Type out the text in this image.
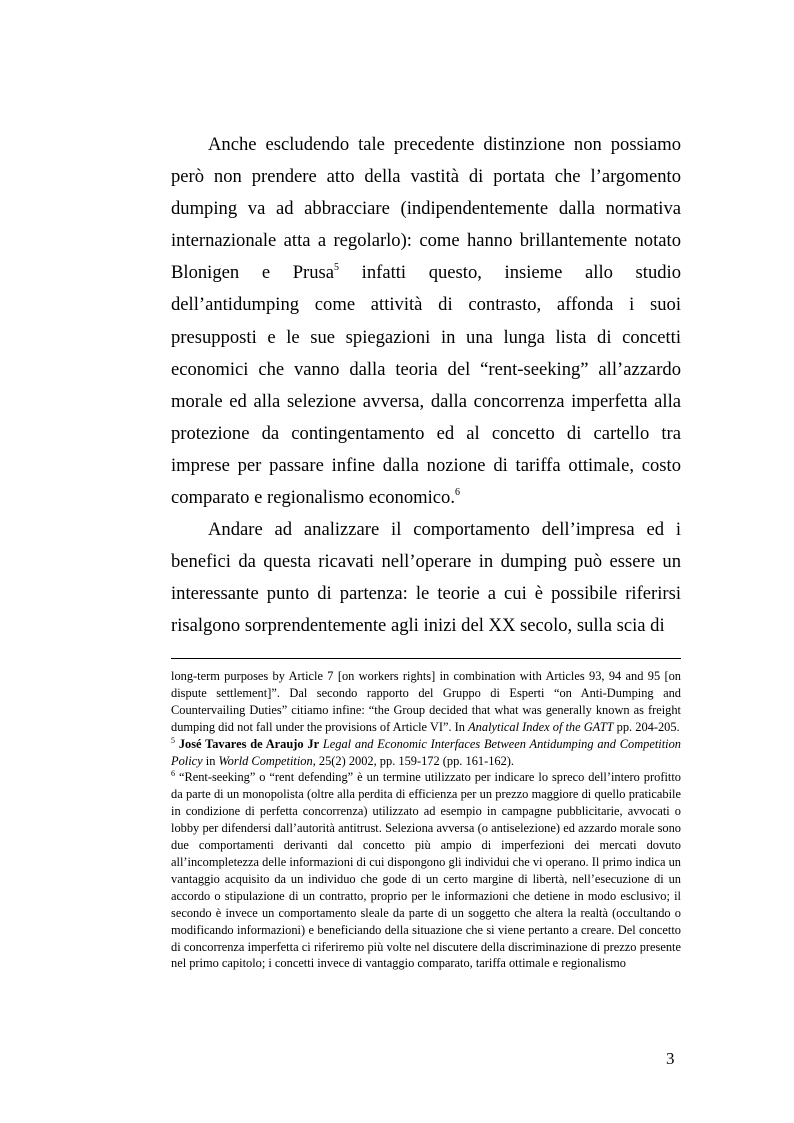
Anche escludendo tale precedente distinzione non possiamo però non prendere atto della vastità di portata che l’argomento dumping va ad abbracciare (indipendentemente dalla normativa internazionale atta a regolarlo): come hanno brillantemente notato Blonigen e Prusa$^5$ infatti questo, insieme allo studio dell’antidumping come attività di contrasto, affonda i suoi presupposti e le sue spiegazioni in una lunga lista di concetti economici che vanno dalla teoria del “rent-seeking” all’azzardo morale ed alla selezione avversa, dalla concorrenza imperfetta alla protezione da contingentamento ed al concetto di cartello tra imprese per passare infine dalla nozione di tariffa ottimale, costo comparato e regionalismo economico.$^6$

Andare ad analizzare il comportamento dell’impresa ed i benefici da questa ricavati nell’operare in dumping può essere un interessante punto di partenza: le teorie a cui è possibile riferirsi risalgono sorprendentemente agli inizi del XX secolo, sulla scia di

long-term purposes by Article 7 [on workers rights] in combination with Articles 93, 94 and 95 [on dispute settlement]”. Dal secondo rapporto del Gruppo di Esperti “on Anti-Dumping and Countervailing Duties” citiamo infine: “the Group decided that what was generally known as freight dumping did not fall under the provisions of Article VI”. In Analytical Index of the GATT pp. 204-205.

$^5$ José Tavares de Araujo Jr Legal and Economic Interfaces Between Antidumping and Competition Policy in World Competition, 25(2) 2002, pp. 159-172 (pp. 161-162).

$^6$ “Rent-seeking” o “rent defending” è un termine utilizzato per indicare lo spreco dell’intero profitto da parte di un monopolista (oltre alla perdita di efficienza per un prezzo maggiore di quello praticabile in condizione di perfetta concorrenza) utilizzato ad esempio in campagne pubblicitarie, avvocati o lobby per difendersi dall’autorità antitrust. Seleziona avversa (o antiselezione) ed azzardo morale sono due comportamenti derivanti dal concetto più ampio di imperfezioni dei mercati dovuto all’incompletezza delle informazioni di cui dispongono gli individui che vi operano. Il primo indica un vantaggio acquisito da un individuo che gode di un certo margine di libertà, nell’esecuzione di un accordo o stipulazione di un contratto, proprio per le informazioni che detiene in modo esclusivo; il secondo è invece un comportamento sleale da parte di un soggetto che altera la realtà (occultando o modificando informazioni) e beneficiando della situazione che si viene pertanto a creare. Del concetto di concorrenza imperfetta ci riferiremo più volte nel discutere della discriminazione di prezzo presente nel primo capitolo; i concetti invece di vantaggio comparato, tariffa ottimale e regionalismo

3
